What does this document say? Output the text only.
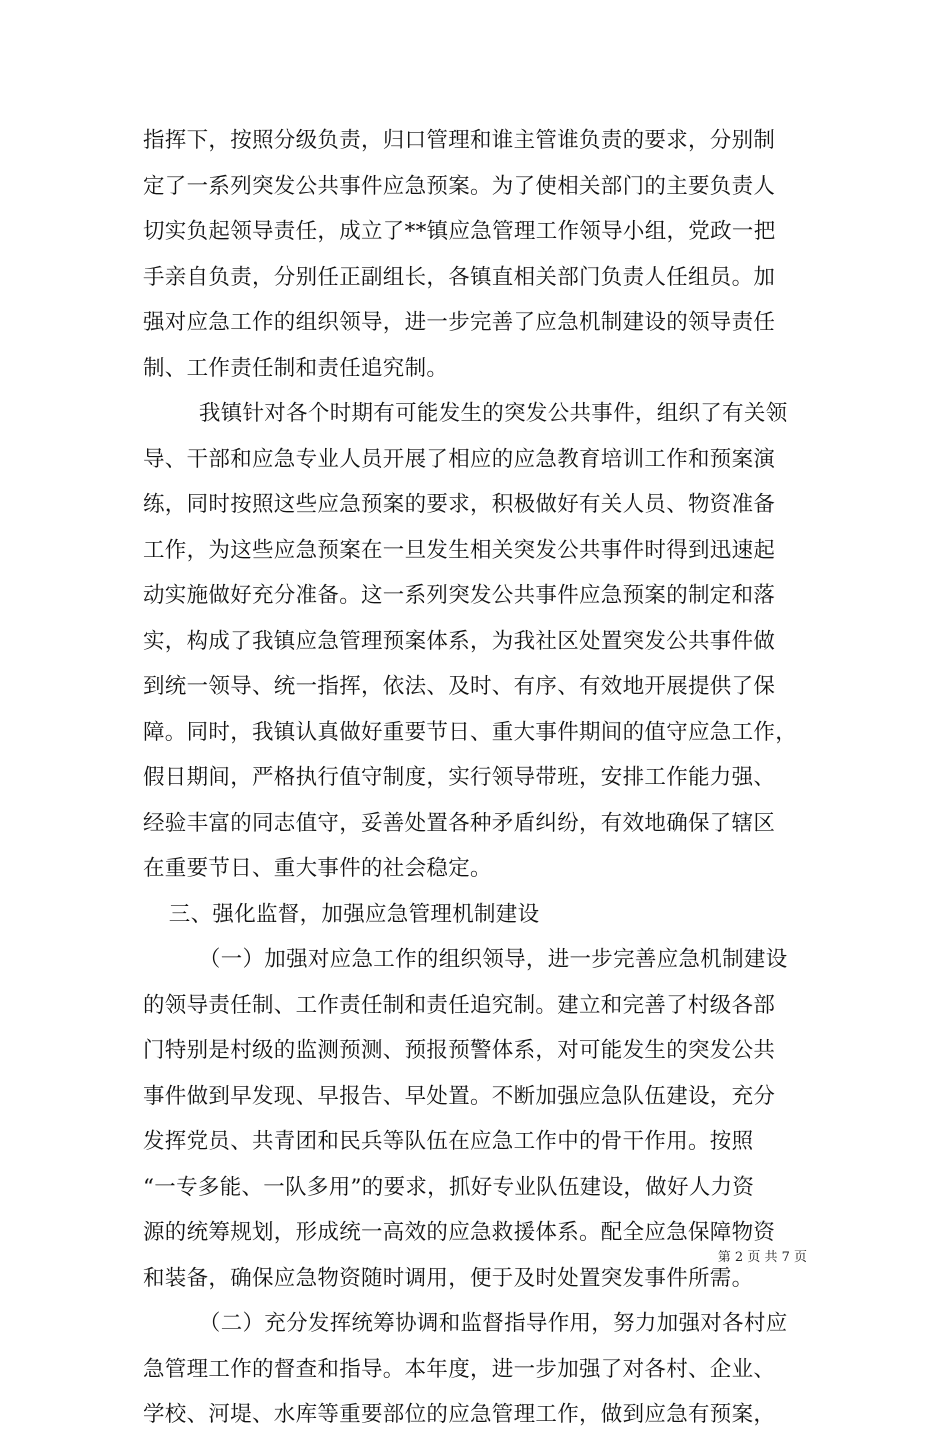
指挥下，按照分级负责，归口管理和谁主管谁负责的要求，分别制
定了一系列突发公共事件应急预案。为了使相关部门的主要负责人
切实负起领导责任，成立了**镇应急管理工作领导小组，党政一把
手亲自负责，分别任正副组长，各镇直相关部门负责人任组员。加
强对应急工作的组织领导，进一步完善了应急机制建设的领导责任
制、工作责任制和责任追究制。
我镇针对各个时期有可能发生的突发公共事件，组织了有关领
导、干部和应急专业人员开展了相应的应急教育培训工作和预案演
练，同时按照这些应急预案的要求，积极做好有关人员、物资准备
工作，为这些应急预案在一旦发生相关突发公共事件时得到迅速起
动实施做好充分准备。这一系列突发公共事件应急预案的制定和落
实，构成了我镇应急管理预案体系，为我社区处置突发公共事件做
到统一领导、统一指挥，依法、及时、有序、有效地开展提供了保
障。同时，我镇认真做好重要节日、重大事件期间的值守应急工作，
假日期间，严格执行值守制度，实行领导带班，安排工作能力强、
经验丰富的同志值守，妥善处置各种矛盾纠纷，有效地确保了辖区
在重要节日、重大事件的社会稳定。
三、强化监督，加强应急管理机制建设
（一）加强对应急工作的组织领导，进一步完善应急机制建设
的领导责任制、工作责任制和责任追究制。建立和完善了村级各部
门特别是村级的监测预测、预报预警体系，对可能发生的突发公共
事件做到早发现、早报告、早处置。不断加强应急队伍建设，充分
发挥党员、共青团和民兵等队伍在应急工作中的骨干作用。按照
“一专多能、一队多用”的要求，抓好专业队伍建设，做好人力资
源的统筹规划，形成统一高效的应急救援体系。配全应急保障物资
和装备，确保应急物资随时调用，便于及时处置突发事件所需。
（二）充分发挥统筹协调和监督指导作用，努力加强对各村应
急管理工作的督查和指导。本年度，进一步加强了对各村、企业、
学校、河堤、水库等重要部位的应急管理工作，做到应急有预案，
第 2 页 共 7 页
